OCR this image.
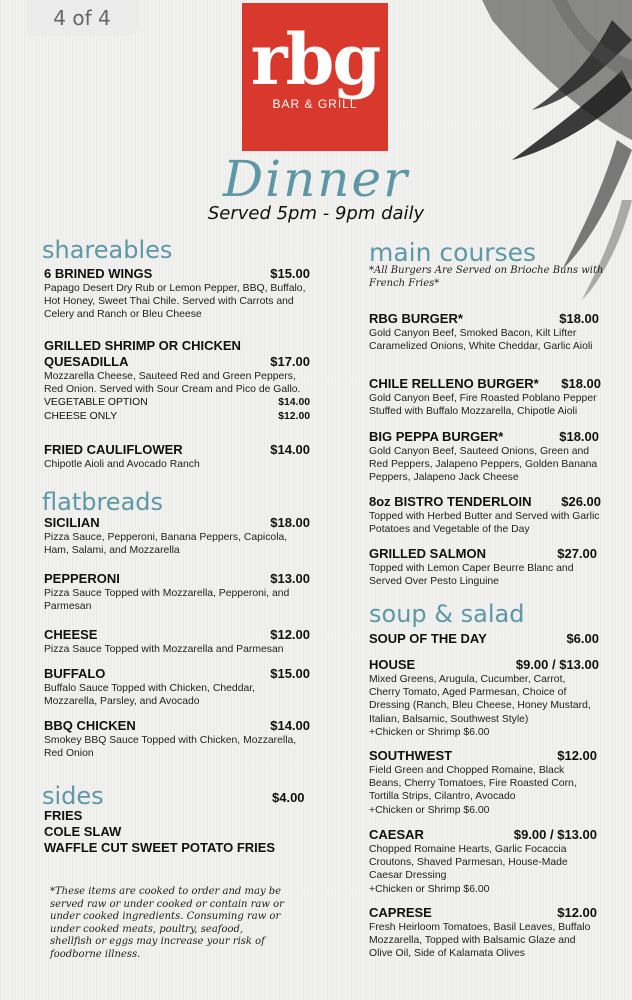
4 of 4	rbg
BAR & GRILL
Dinner
Served 5pm - 9pm daily
shareables
6 BRINED WINGS	$15.00
Papago Desert Dry Rub or Lemon Pepper, BBQ, Buffalo, Hot Honey, Sweet Thai Chile. Served with Carrots and Celery and Ranch or Bleu Cheese
GRILLED SHRIMP OR CHICKEN
QUESADILLA	$17.00
Mozzarella Cheese, Sauteed Red and Green Peppers, Red Onion. Served with Sour Cream and Pico de Gallo.
VEGETABLE OPTION	$14.00
CHEESE ONLY	$12.00
FRIED CAULIFLOWER	$14.00
Chipotle Aioli and Avocado Ranch
flatbreads
SICILIAN	$18.00
Pizza Sauce, Pepperoni, Banana Peppers, Capicola, Ham, Salami, and Mozzarella
PEPPERONI	$13.00
Pizza Sauce Topped with Mozzarella, Pepperoni, and Parmesan
CHEESE	$12.00
Pizza Sauce Topped with Mozzarella and Parmesan
BUFFALO	$15.00
Buffalo Sauce Topped with Chicken, Cheddar, Mozzarella, Parsley, and Avocado
BBQ CHICKEN	$14.00
Smokey BBQ Sauce Topped with Chicken, Mozzarella, Red Onion
sides	$4.00
FRIES
COLE SLAW
WAFFLE CUT SWEET POTATO FRIES
*These items are cooked to order and may be served raw or under cooked or contain raw or under cooked ingredients. Consuming raw or under cooked meats, poultry, seafood, shellfish or eggs may increase your risk of foodborne illness.
main courses
*All Burgers Are Served on Brioche Buns with French Fries*
RBG BURGER*	$18.00
Gold Canyon Beef, Smoked Bacon, Kilt Lifter Caramelized Onions, White Cheddar, Garlic Aioli
CHILE RELLENO BURGER* $18.00
Gold Canyon Beef, Fire Roasted Poblano Pepper Stuffed with Buffalo Mozzarella, Chipotle Aioli
BIG PEPPA BURGER*	$18.00
Gold Canyon Beef, Sauteed Onions, Green and Red Peppers, Jalapeno Peppers, Golden Banana Peppers, Jalapeno Jack Cheese
8oz BISTRO TENDERLOIN $26.00
Topped with Herbed Butter and Served with Garlic Potatoes and Vegetable of the Day
GRILLED SALMON	$27.00
Topped with Lemon Caper Beurre Blanc and Served Over Pesto Linguine
soup & salad
SOUP OF THE DAY	$6.00
HOUSE	$9.00 / $13.00
Mixed Greens, Arugula, Cucumber, Carrot, Cherry Tomato, Aged Parmesan, Choice of Dressing (Ranch, Bleu Cheese, Honey Mustard, Italian, Balsamic, Southwest Style)
+Chicken or Shrimp $6.00
SOUTHWEST	$12.00
Field Green and Chopped Romaine, Black Beans, Cherry Tomatoes, Fire Roasted Corn, Tortilla Strips, Cilantro, Avocado
+Chicken or Shrimp $6.00
CAESAR	$9.00 / $13.00
Chopped Romaine Hearts, Garlic Focaccia Croutons, Shaved Parmesan, House-Made Caesar Dressing
+Chicken or Shrimp $6.00
CAPRESE	$12.00
Fresh Heirloom Tomatoes, Basil Leaves, Buffalo Mozzarella, Topped with Balsamic Glaze and Olive Oil, Side of Kalamata Olives
